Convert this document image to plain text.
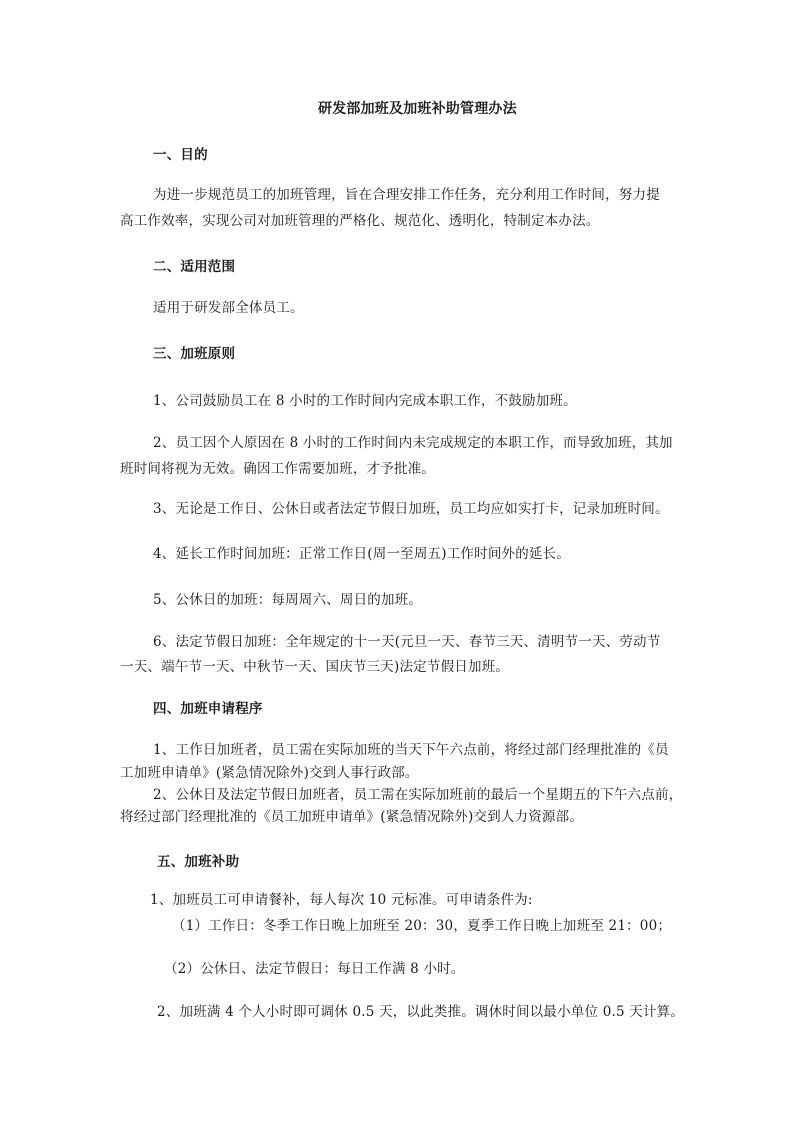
研发部加班及加班补助管理办法
一、目的
为进一步规范员工的加班管理，旨在合理安排工作任务，充分利用工作时间，努力提
高工作效率，实现公司对加班管理的严格化、规范化、透明化，特制定本办法。
二、适用范围
适用于研发部全体员工。
三、加班原则
1、公司鼓励员工在 8 小时的工作时间内完成本职工作，不鼓励加班。
2、员工因个人原因在 8 小时的工作时间内未完成规定的本职工作，而导致加班，其加
班时间将视为无效。确因工作需要加班，才予批准。
3、无论是工作日、公休日或者法定节假日加班，员工均应如实打卡，记录加班时间。
4、延长工作时间加班：正常工作日(周一至周五)工作时间外的延长。
5、公休日的加班：每周周六、周日的加班。
6、法定节假日加班：全年规定的十一天(元旦一天、春节三天、清明节一天、劳动节
一天、端午节一天、中秋节一天、国庆节三天)法定节假日加班。
四、加班申请程序
1、工作日加班者，员工需在实际加班的当天下午六点前，将经过部门经理批准的《员
工加班申请单》(紧急情况除外)交到人事行政部。
2、公休日及法定节假日加班者，员工需在实际加班前的最后一个星期五的下午六点前，
将经过部门经理批准的《员工加班申请单》(紧急情况除外)交到人力资源部。
五、加班补助
1、加班员工可申请餐补，每人每次 10 元标准。可申请条件为:
（1）工作日：冬季工作日晚上加班至 20：30，夏季工作日晚上加班至 21：00；
（2）公休日、法定节假日：每日工作满 8 小时。
2、加班满 4 个人小时即可调休 0.5 天，以此类推。调休时间以最小单位 0.5 天计算。
